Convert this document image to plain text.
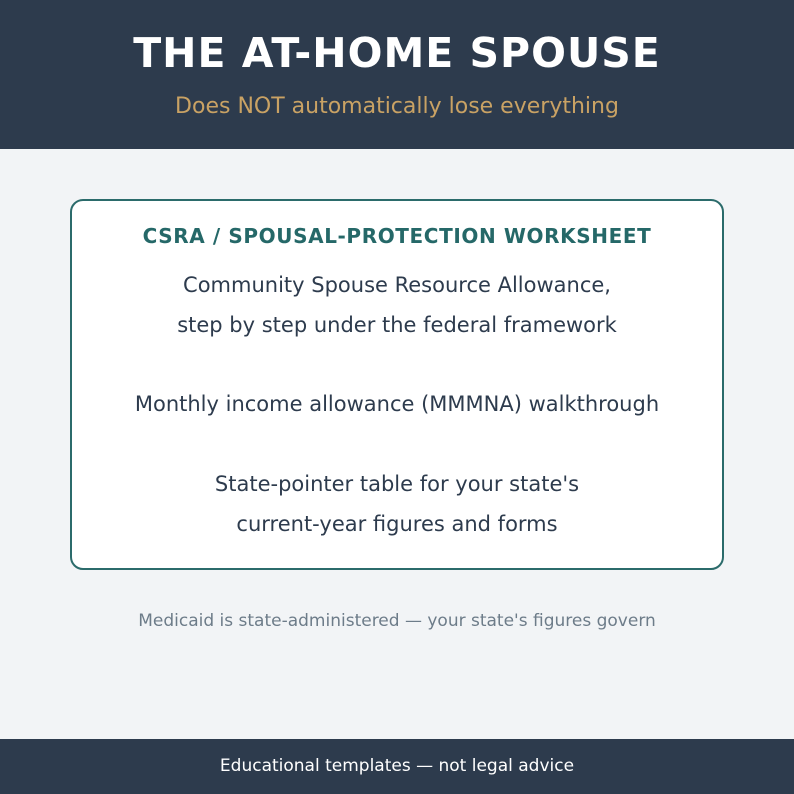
THE AT-HOME SPOUSE
Does NOT automatically lose everything
CSRA / SPOUSAL-PROTECTION WORKSHEET
Community Spouse Resource Allowance,
step by step under the federal framework
Monthly income allowance (MMMNA) walkthrough
State-pointer table for your state's
current-year figures and forms
Medicaid is state-administered — your state's figures govern
Educational templates — not legal advice
